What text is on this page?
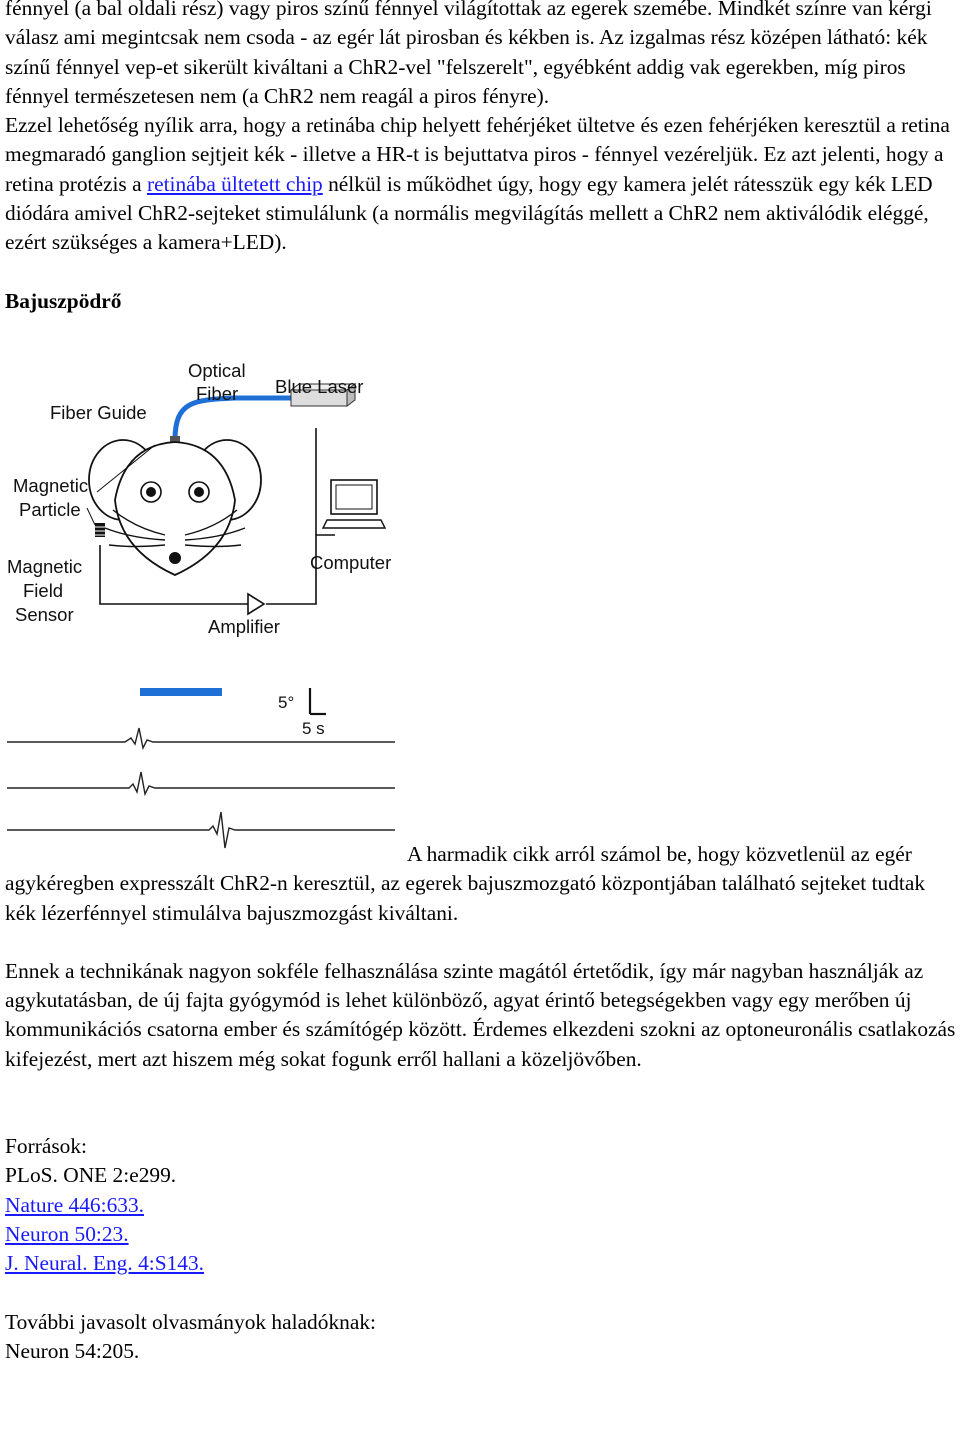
fénnyel (a bal oldali rész) vagy piros színű fénnyel világítottak az egerek szemébe. Mindkét színre van kérgi válasz ami megintcsak nem csoda - az egér lát pirosban és kékben is. Az izgalmas rész középen látható: kék színű fénnyel vep-et sikerült kiváltani a ChR2-vel "felszerelt", egyébként addig vak egerekben, míg piros fénnyel természetesen nem (a ChR2 nem reagál a piros fényre).

Ezzel lehetőség nyílik arra, hogy a retinába chip helyett fehérjéket ültetve és ezen fehérjéken keresztül a retina megmaradó ganglion sejtjeit kék - illetve a HR-t is bejuttatva piros - fénnyel vezéreljük. Ez azt jelenti, hogy a retina protézis a retinába ültetett chip nélkül is működhet úgy, hogy egy kamera jelét rátesszük egy kék LED diódára amivel ChR2-sejteket stimulálunk (a normális megvilágítás mellett a ChR2 nem aktiválódik eléggé, ezért szükséges a kamera+LED).

Bajuszpödrő

Optical
Fiber Blue Laser
Fiber Guide
Magnetic
Particle
Magnetic
Field
Sensor
Computer
Amplifier
5°
5 s

A harmadik cikk arról számol be, hogy közvetlenül az egér agykéregben expresszált ChR2-n keresztül, az egerek bajuszmozgató központjában található sejteket tudtak kék lézerfénnyel stimulálva bajuszmozgást kiváltani.

Ennek a technikának nagyon sokféle felhasználása szinte magától értetődik, így már nagyban használják az agykutatásban, de új fajta gyógymód is lehet különböző, agyat érintő betegségekben vagy egy merőben új kommunikációs csatorna ember és számítógép között. Érdemes elkezdeni szokni az optoneuronális csatlakozás kifejezést, mert azt hiszem még sokat fogunk erről hallani a közeljövőben.

Források:

PLoS. ONE 2:e299.

Nature 446:633.

Neuron 50:23.

J. Neural. Eng. 4:S143.

További javasolt olvasmányok haladóknak:

Neuron 54:205.
